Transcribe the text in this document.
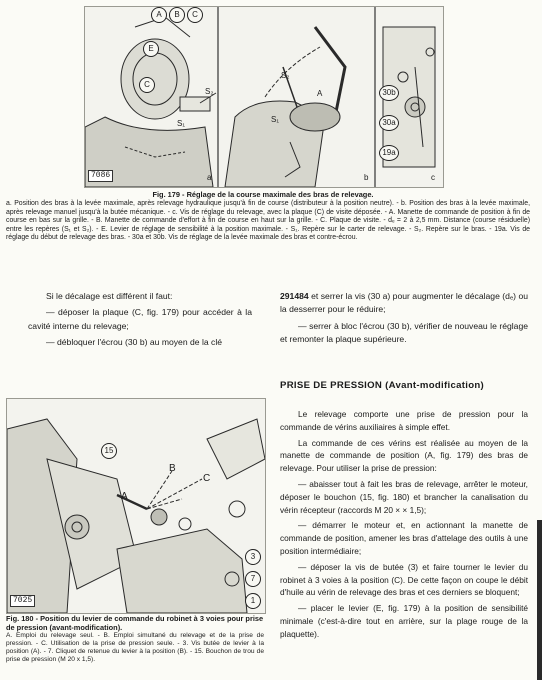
7086
A	B	C
E
C
S₂
S₁
S₂
S₁
A	30b
30a
19a
a	b	c
Fig. 179 - Réglage de la course maximale des bras de relevage.
a. Position des bras à la levée maximale, après relevage hydraulique jusqu'à fin de course (distributeur à la position neutre). - b. Position des bras à la levée maximale, après relevage manuel jusqu'à la butée mécanique. - c. Vis de réglage du relevage, avec la plaque (C) de visite déposée. - A. Manette de commande de position à fin de course en bas sur la grille. - B. Manette de commande d'effort à fin de course en haut sur la grille. - C. Plaque de visite. - dₑ = 2 à 2,5 mm. Distance (course résiduelle) entre les repères (S₁ et S₂). - E. Levier de réglage de sensibilité à la position maximale. - S₁. Repère sur le carter de relevage. - S₂. Repère sur le bras. - 19a. Vis de réglage du début de relevage des bras. - 30a et 30b. Vis de réglage de la levée maximale des bras et contre-écrou.

Si le décalage est différent il faut:

— déposer la plaque (C, fig. 179) pour accéder à la cavité interne du relevage;

— débloquer l'écrou (30 b) au moyen de la clé

291484 et serrer la vis (30 a) pour augmenter le décalage (dₑ) ou la desserrer pour le réduire;

— serrer à bloc l'écrou (30 b), vérifier de nouveau le réglage et remonter la plaque supérieure.

7025
15
A
B
C
3
7
1
Fig. 180 - Position du levier de commande du robinet à 3 voies pour prise de pression (avant-modification).
A. Emploi du relevage seul. - B. Emploi simultané du relevage et de la prise de pression. - C. Utilisation de la prise de pression seule. - 3. Vis butée de levier à la position (A). - 7. Cliquet de retenue du levier à la position (B). - 15. Bouchon de trou de prise de pression (M 20 x 1,5).
PRISE DE PRESSION (Avant-modification)

Le relevage comporte une prise de pression pour la commande de vérins auxiliaires à simple effet.

La commande de ces vérins est réalisée au moyen de la manette de commande de position (A, fig. 179) des bras de relevage. Pour utiliser la prise de pression:

— abaisser tout à fait les bras de relevage, arrêter le moteur, déposer le bouchon (15, fig. 180) et brancher la canalisation du vérin récepteur (raccords M 20 × × 1,5);

— démarrer le moteur et, en actionnant la manette de commande de position, amener les bras d'attelage des outils à une position intermédiaire;

— déposer la vis de butée (3) et faire tourner le levier du robinet à 3 voies à la position (C). De cette façon on coupe le débit d'huile au vérin de relevage des bras et ces derniers se bloquent;

— placer le levier (E, fig. 179) à la position de sensibilité minimale (c'est-à-dire tout en arrière, sur la plage rouge de la plaquette).
